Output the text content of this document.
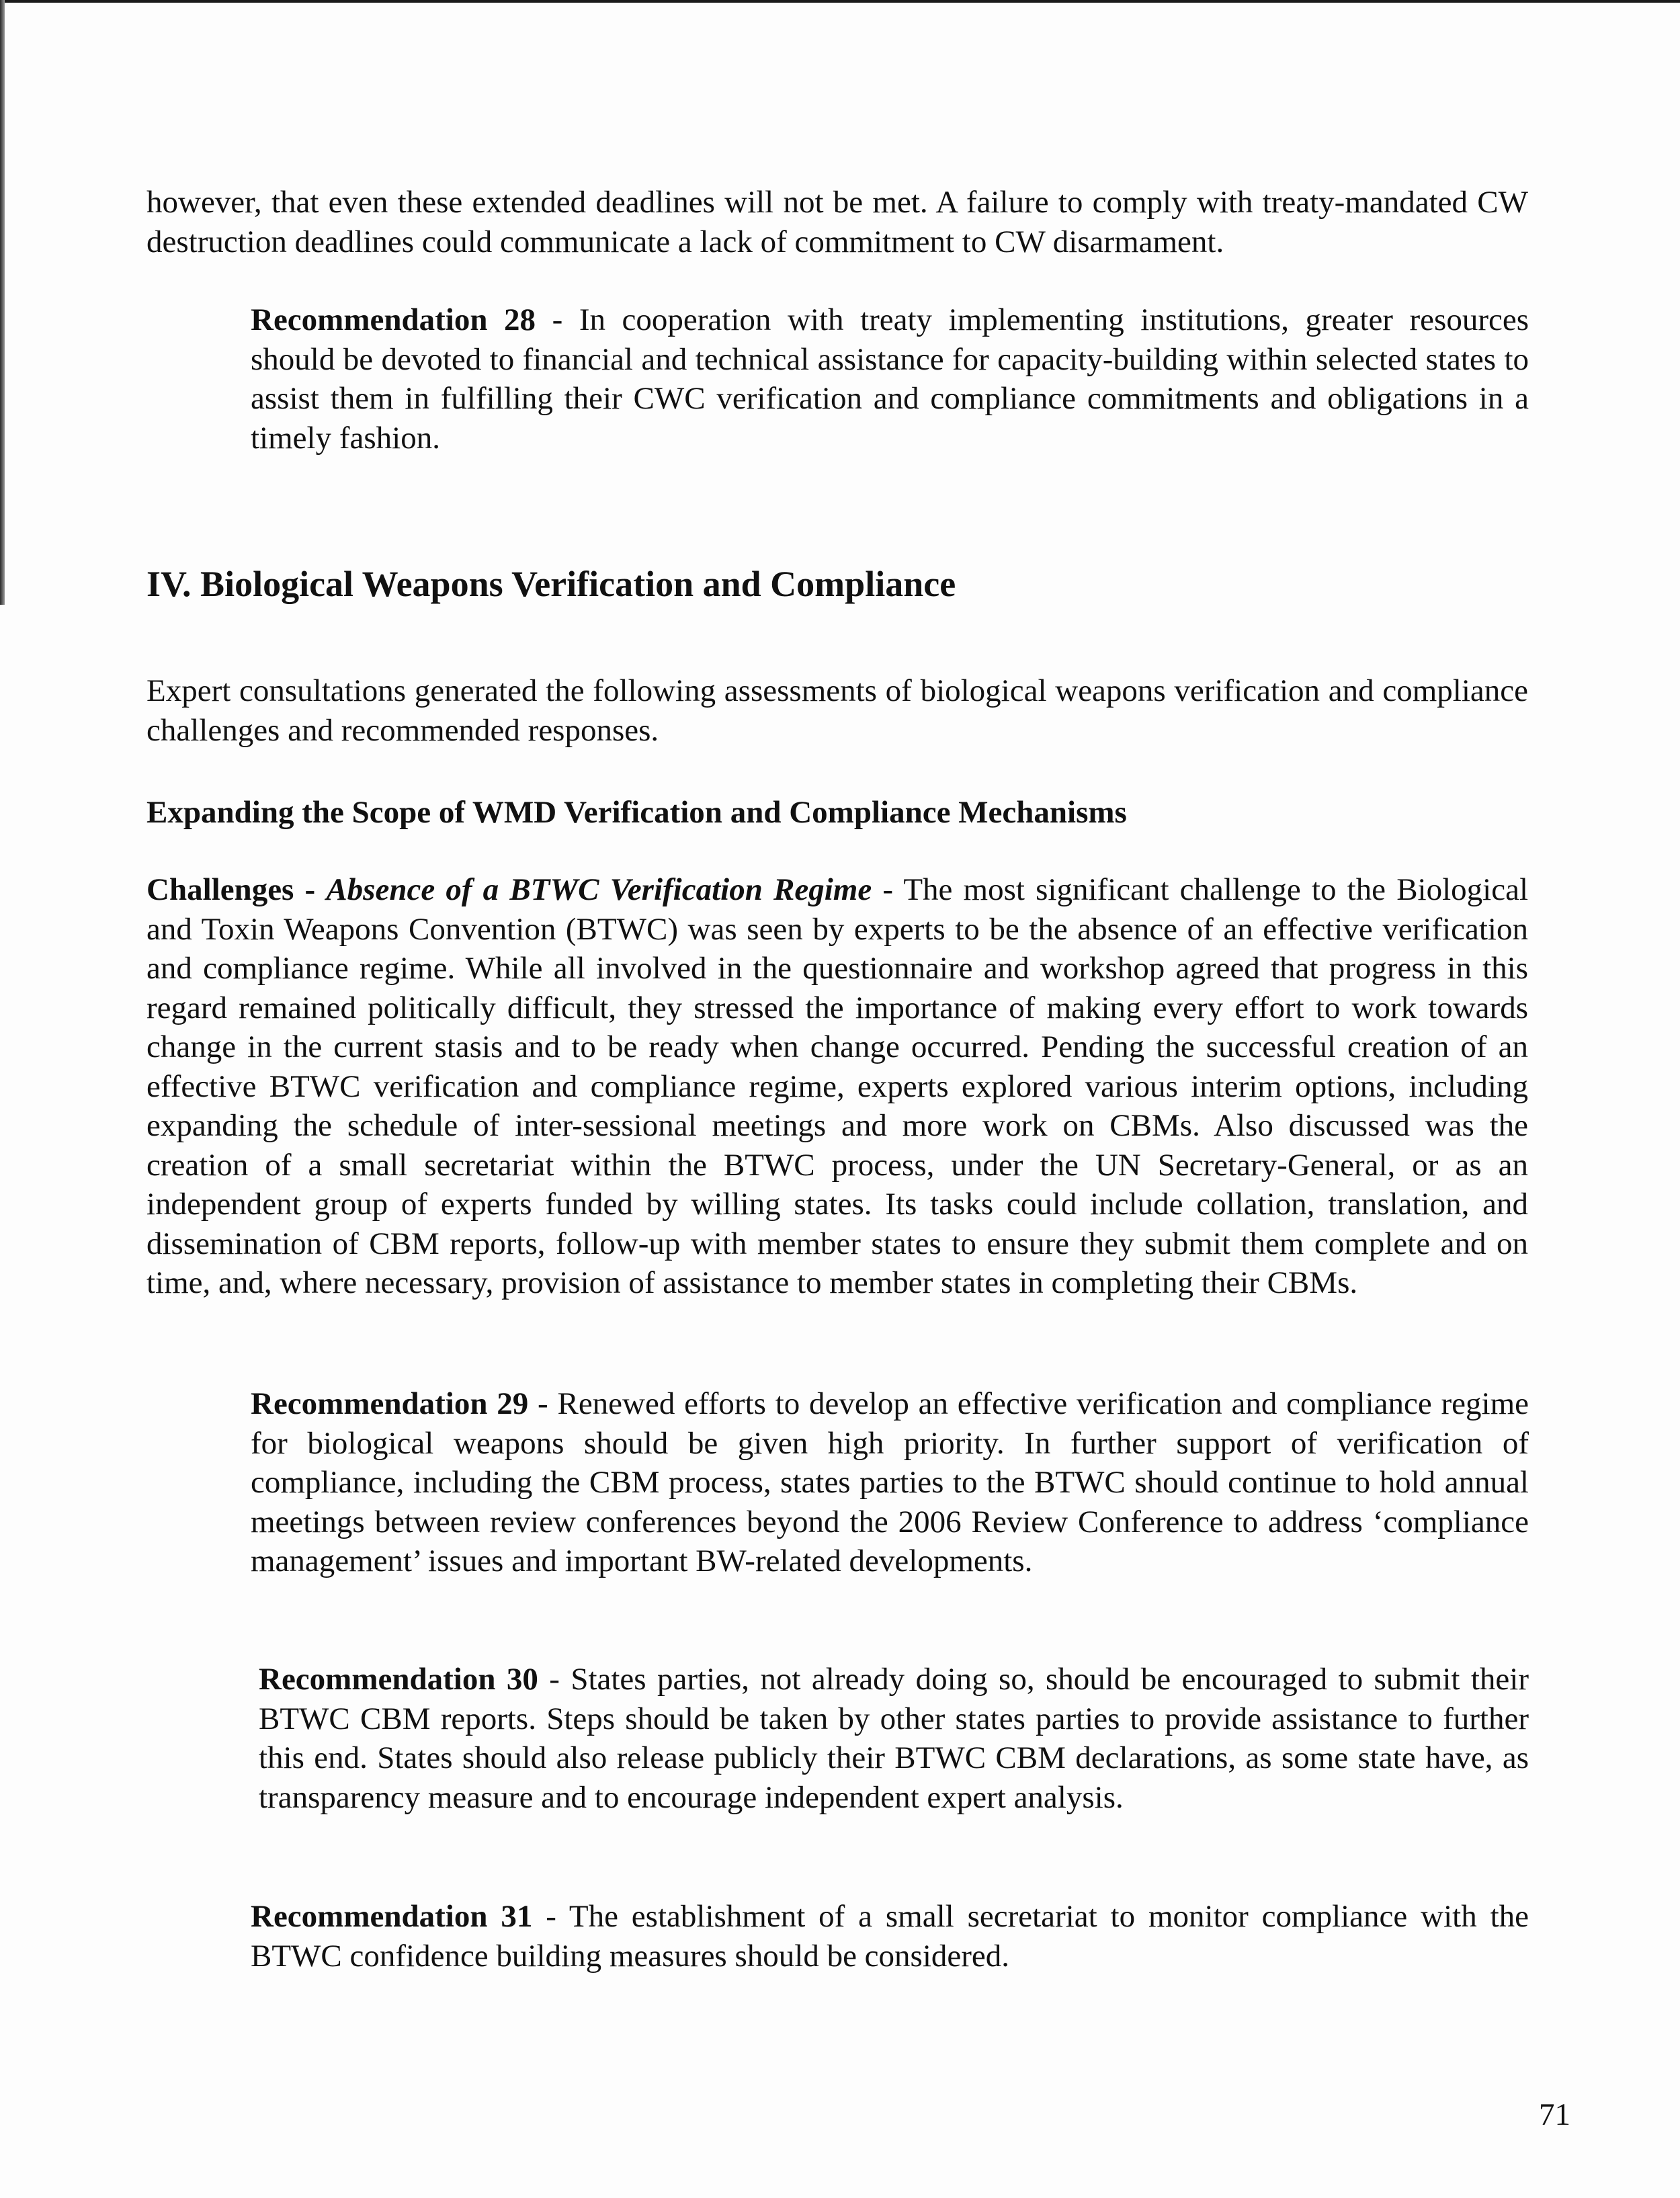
however, that even these extended deadlines will not be met. A failure to comply with treaty-mandated CW destruction deadlines could communicate a lack of commitment to CW disarmament.

Recommendation 28 - In cooperation with treaty implementing institutions, greater resources should be devoted to financial and technical assistance for capacity-building within selected states to assist them in fulfilling their CWC verification and compliance commitments and obligations in a timely fashion.

IV. Biological Weapons Verification and Compliance

Expert consultations generated the following assessments of biological weapons verification and compliance challenges and recommended responses.

Expanding the Scope of WMD Verification and Compliance Mechanisms

Challenges - Absence of a BTWC Verification Regime - The most significant challenge to the Biological and Toxin Weapons Convention (BTWC) was seen by experts to be the absence of an effective verification and compliance regime. While all involved in the questionnaire and workshop agreed that progress in this regard remained politically difficult, they stressed the importance of making every effort to work towards change in the current stasis and to be ready when change occurred. Pending the successful creation of an effective BTWC verification and compliance regime, experts explored various interim options, including expanding the schedule of inter-sessional meetings and more work on CBMs. Also discussed was the creation of a small secretariat within the BTWC process, under the UN Secretary-General, or as an independent group of experts funded by willing states. Its tasks could include collation, translation, and dissemination of CBM reports, follow-up with member states to ensure they submit them complete and on time, and, where necessary, provision of assistance to member states in completing their CBMs.

Recommendation 29 - Renewed efforts to develop an effective verification and compliance regime for biological weapons should be given high priority. In further support of verification of compliance, including the CBM process, states parties to the BTWC should continue to hold annual meetings between review conferences beyond the 2006 Review Conference to address ‘compliance management’ issues and important BW-related developments.

Recommendation 30 - States parties, not already doing so, should be encouraged to submit their BTWC CBM reports. Steps should be taken by other states parties to provide assistance to further this end. States should also release publicly their BTWC CBM declarations, as some state have, as transparency measure and to encourage independent expert analysis.

Recommendation 31 - The establishment of a small secretariat to monitor compliance with the BTWC confidence building measures should be considered.

71
